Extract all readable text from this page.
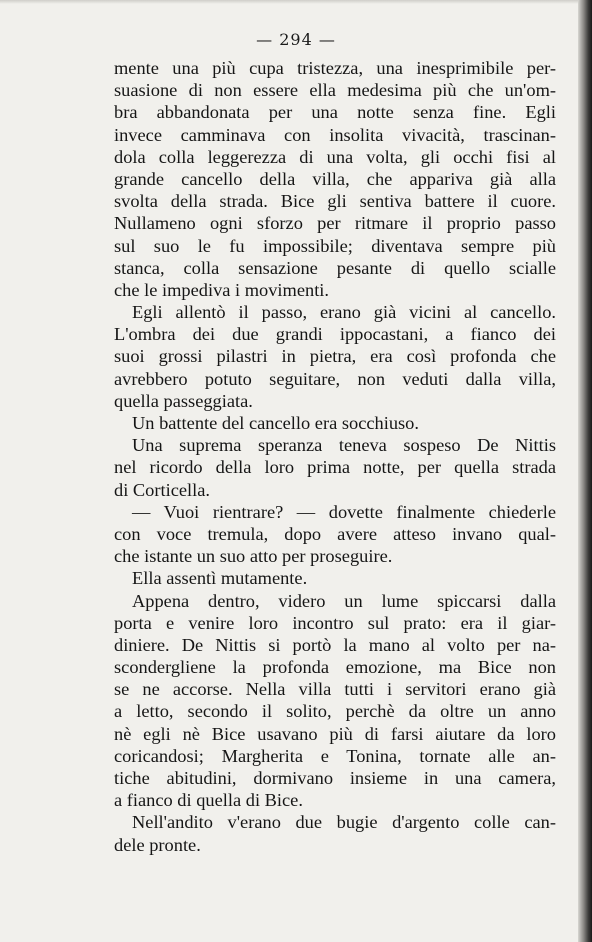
— 294 —
mente una più cupa tristezza, una inesprimibile per-
suasione di non essere ella medesima più che un'om-
bra abbandonata per una notte senza fine. Egli
invece camminava con insolita vivacità, trascinan-
dola colla leggerezza di una volta, gli occhi fisi al
grande cancello della villa, che appariva già alla
svolta della strada. Bice gli sentiva battere il cuore.
Nullameno ogni sforzo per ritmare il proprio passo
sul suo le fu impossibile; diventava sempre più
stanca, colla sensazione pesante di quello scialle
che le impediva i movimenti.
Egli allentò il passo, erano già vicini al cancello.
L'ombra dei due grandi ippocastani, a fianco dei
suoi grossi pilastri in pietra, era così profonda che
avrebbero potuto seguitare, non veduti dalla villa,
quella passeggiata.
Un battente del cancello era socchiuso.
Una suprema speranza teneva sospeso De Nittis
nel ricordo della loro prima notte, per quella strada
di Corticella.
— Vuoi rientrare? — dovette finalmente chiederle
con voce tremula, dopo avere atteso invano qual-
che istante un suo atto per proseguire.
Ella assentì mutamente.
Appena dentro, videro un lume spiccarsi dalla
porta e venire loro incontro sul prato: era il giar-
diniere. De Nittis si portò la mano al volto per na-
scondergliene la profonda emozione, ma Bice non
se ne accorse. Nella villa tutti i servitori erano già
a letto, secondo il solito, perchè da oltre un anno
nè egli nè Bice usavano più di farsi aiutare da loro
coricandosi; Margherita e Tonina, tornate alle an-
tiche abitudini, dormivano insieme in una camera,
a fianco di quella di Bice.
Nell'andito v'erano due bugie d'argento colle can-
dele pronte.
